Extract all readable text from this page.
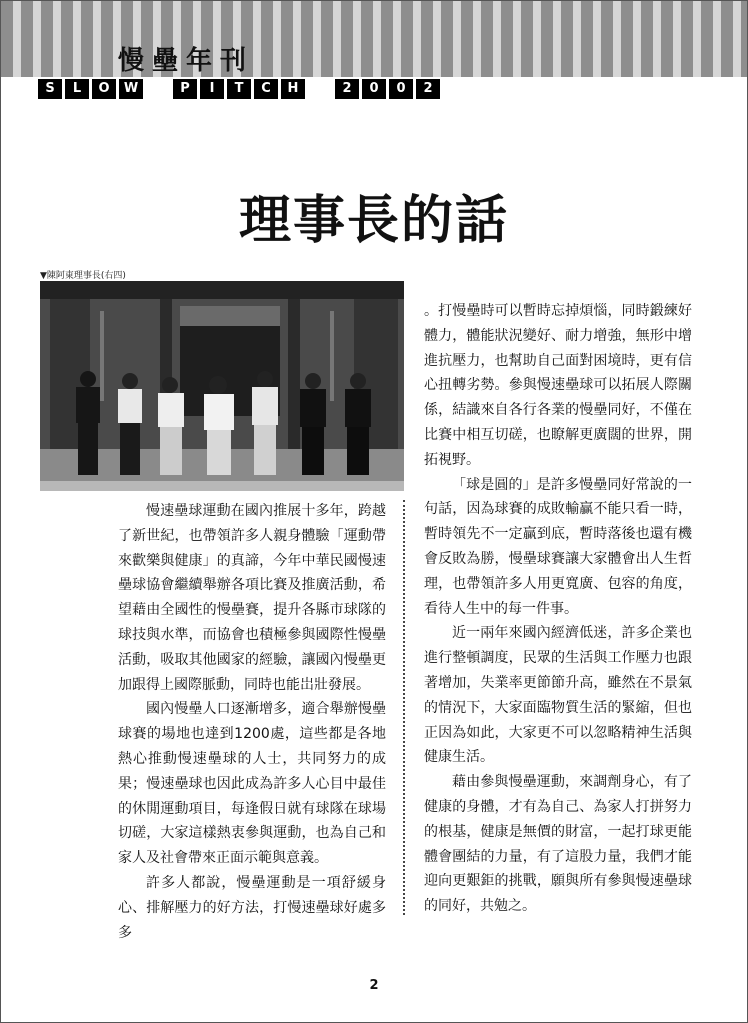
慢壘年刊
S	L	O	W	P	I	T	C	H	2	0	0	2
理事長的話
▼陳阿東理事長(右四)

慢速壘球運動在國內推展十多年，跨越了新世紀，也帶領許多人親身體驗「運動帶來歡樂與健康」的真諦，今年中華民國慢速壘球協會繼續舉辦各項比賽及推廣活動，希望藉由全國性的慢壘賽，提升各縣市球隊的球技與水準，而協會也積極參與國際性慢壘活動，吸取其他國家的經驗，讓國內慢壘更加跟得上國際脈動，同時也能岀壯發展。

國內慢壘人口逐漸增多，適合舉辦慢壘球賽的場地也達到1200處，這些都是各地熱心推動慢速壘球的人士，共同努力的成果；慢速壘球也因此成為許多人心目中最佳的休閒運動項目，每逢假日就有球隊在球場切磋，大家這樣熱衷參與運動，也為自己和家人及社會帶來正面示範與意義。

許多人都說，慢壘運動是一項舒緩身心、排解壓力的好方法，打慢速壘球好處多多

。打慢壘時可以暫時忘掉煩惱，同時鍛練好體力，體能狀況變好、耐力增強，無形中增進抗壓力，也幫助自己面對困境時，更有信心扭轉劣勢。參與慢速壘球可以拓展人際關係，結識來自各行各業的慢壘同好，不僅在比賽中相互切磋，也瞭解更廣闊的世界，開拓視野。

「球是圓的」是許多慢壘同好常說的一句話，因為球賽的成敗輸贏不能只看一時，暫時領先不一定贏到底，暫時落後也還有機會反敗為勝，慢壘球賽讓大家體會出人生哲理，也帶領許多人用更寬廣、包容的角度，看待人生中的每一件事。

近一兩年來國內經濟低迷，許多企業也進行整頓調度，民眾的生活與工作壓力也跟著增加，失業率更節節升高，雖然在不景氣的情況下，大家面臨物質生活的緊縮，但也正因為如此，大家更不可以忽略精神生活與健康生活。

藉由參與慢壘運動，來調劑身心，有了健康的身體，才有為自己、為家人打拼努力的根基，健康是無價的財富，一起打球更能體會團結的力量，有了這股力量，我們才能迎向更艱鉅的挑戰，願與所有參與慢速壘球的同好，共勉之。

2
